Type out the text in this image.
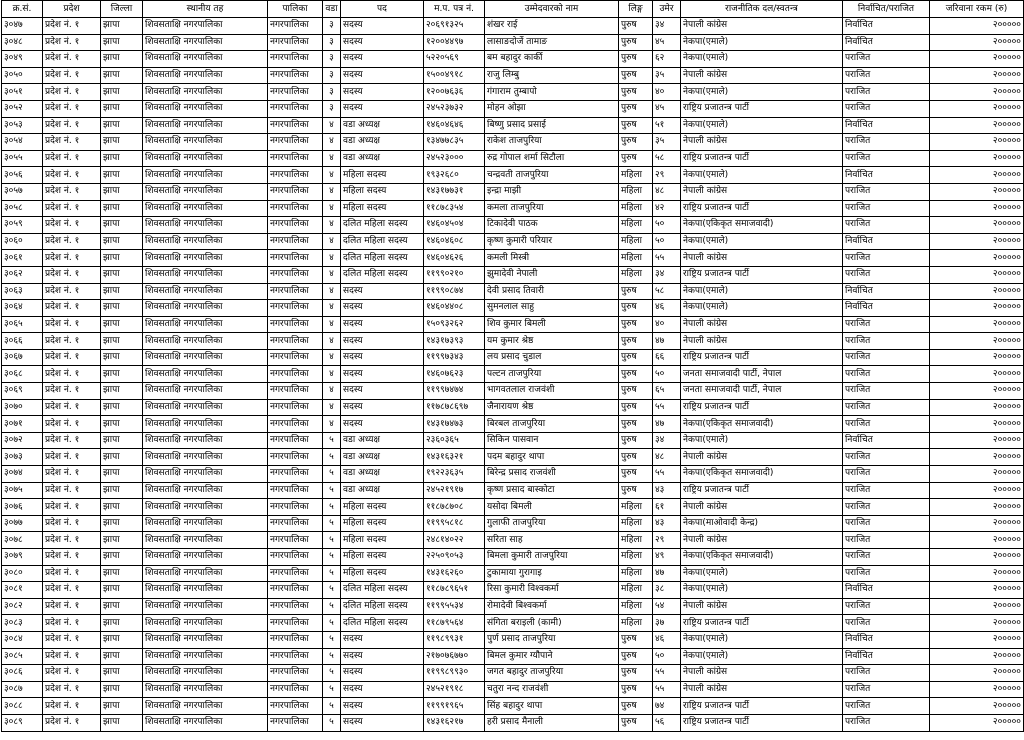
क्र.सं.	प्रदेश	जिल्ला	स्थानीय तह	पालिका	वडा	पद	म.प. पत्र नं.	उम्मेदवारको नाम	लिङ्ग	उमेर	राजनीतिक दल/स्वतन्त्र	निर्वाचित/पराजित	जरिवाना रकम (रु)
३०४७	प्रदेश नं. १	झापा	शिवसताक्षि नगरपालिका	नगरपालिका	३	सदस्य	२०६९१३२५	शंखर राई	पुरुष	३४	नेपाली कांग्रेस	निर्वाचित	२०००००
३०४८	प्रदेश नं. १	झापा	शिवसताक्षि नगरपालिका	नगरपालिका	३	सदस्य	१२००४४९७	लासाङदोर्जे तामाङ	पुरुष	४५	नेकपा(एमाले)	निर्वाचित	२०००००
३०४९	प्रदेश नं. १	झापा	शिवसताक्षि नगरपालिका	नगरपालिका	३	सदस्य	५२२०५६९	बम बहादुर कार्की	पुरुष	६२	नेकपा(एमाले)	पराजित	२०००००
३०५०	प्रदेश नं. १	झापा	शिवसताक्षि नगरपालिका	नगरपालिका	३	सदस्य	१५००४९१८	राजु लिम्बु	पुरुष	३५	नेपाली कांग्रेस	पराजित	२०००००
३०५१	प्रदेश नं. १	झापा	शिवसताक्षि नगरपालिका	नगरपालिका	३	सदस्य	१२००७६३६	गंगाराम तुम्बापो	पुरुष	४०	नेकपा(एमाले)	पराजित	२०००००
३०५२	प्रदेश नं. १	झापा	शिवसताक्षि नगरपालिका	नगरपालिका	३	सदस्य	२४५२३७३२	मोहन ओझा	पुरुष	४५	राष्ट्रिय प्रजातन्त्र पार्टी	पराजित	२०००००
३०५३	प्रदेश नं. १	झापा	शिवसताक्षि नगरपालिका	नगरपालिका	४	वडा अध्यक्ष	१४६०४६४६	बिष्णु प्रसाद प्रसाई	पुरुष	५१	नेकपा(एमाले)	निर्वाचित	२०००००
३०५४	प्रदेश नं. १	झापा	शिवसताक्षि नगरपालिका	नगरपालिका	४	वडा अध्यक्ष	१३४७७८३५	राकेश ताजपुरिया	पुरुष	३५	नेपाली कांग्रेस	पराजित	२०००००
३०५५	प्रदेश नं. १	झापा	शिवसताक्षि नगरपालिका	नगरपालिका	४	वडा अध्यक्ष	२४५२३०००	रुद्र गोपाल शर्मा सिटौला	पुरुष	५८	राष्ट्रिय प्रजातन्त्र पार्टी	पराजित	२०००००
३०५६	प्रदेश नं. १	झापा	शिवसताक्षि नगरपालिका	नगरपालिका	४	महिला सदस्य	१९३२६८०	चन्द्रवती ताजपुरिया	महिला	२९	नेकपा(एमाले)	निर्वाचित	२०००००
३०५७	प्रदेश नं. १	झापा	शिवसताक्षि नगरपालिका	नगरपालिका	४	महिला सदस्य	१४३१७७३१	इन्द्रा माझी	महिला	४८	नेपाली कांग्रेस	पराजित	२०००००
३०५८	प्रदेश नं. १	झापा	शिवसताक्षि नगरपालिका	नगरपालिका	४	महिला सदस्य	११८७८३५४	कमला ताजपुरिया	महिला	४२	राष्ट्रिय प्रजातन्त्र पार्टी	पराजित	२०००००
३०५९	प्रदेश नं. १	झापा	शिवसताक्षि नगरपालिका	नगरपालिका	४	दलित महिला सदस्य	१४६०४५०४	टिकादेवी पाठक	महिला	५०	नेकपा(एकिकृत समाजवादी)	पराजित	२०००००
३०६०	प्रदेश नं. १	झापा	शिवसताक्षि नगरपालिका	नगरपालिका	४	दलित महिला सदस्य	१४६०४६०८	कृष्ण कुमारी परियार	महिला	५०	नेकपा(एमाले)	निर्वाचित	२०००००
३०६१	प्रदेश नं. १	झापा	शिवसताक्षि नगरपालिका	नगरपालिका	४	दलित महिला सदस्य	१४६०४६२६	कमली मिस्त्री	महिला	५५	नेपाली कांग्रेस	पराजित	२०००००
३०६२	प्रदेश नं. १	झापा	शिवसताक्षि नगरपालिका	नगरपालिका	४	दलित महिला सदस्य	११९९०२१०	झुमादेवी नेपाली	महिला	३४	राष्ट्रिय प्रजातन्त्र पार्टी	पराजित	२०००००
३०६३	प्रदेश नं. १	झापा	शिवसताक्षि नगरपालिका	नगरपालिका	४	सदस्य	११९९०८७४	देवी प्रसाद तिवारी	पुरुष	५८	नेकपा(एमाले)	निर्वाचित	२०००००
३०६४	प्रदेश नं. १	झापा	शिवसताक्षि नगरपालिका	नगरपालिका	४	सदस्य	१४६०४४०८	सुमनलाल साहु	पुरुष	४६	नेकपा(एमाले)	निर्वाचित	२०००००
३०६५	प्रदेश नं. १	झापा	शिवसताक्षि नगरपालिका	नगरपालिका	४	सदस्य	१५०९३२६२	शिव कुमार बिमली	पुरुष	४०	नेपाली कांग्रेस	पराजित	२०००००
३०६६	प्रदेश नं. १	झापा	शिवसताक्षि नगरपालिका	नगरपालिका	४	सदस्य	१४३१७३९३	यम कुमार श्रेष्ठ	पुरुष	४७	नेपाली कांग्रेस	पराजित	२०००००
३०६७	प्रदेश नं. १	झापा	शिवसताक्षि नगरपालिका	नगरपालिका	४	सदस्य	११९९७३४३	लय प्रसाद चुडाल	पुरुष	६६	राष्ट्रिय प्रजातन्त्र पार्टी	पराजित	२०००००
३०६८	प्रदेश नं. १	झापा	शिवसताक्षि नगरपालिका	नगरपालिका	४	सदस्य	१४६०७६२३	पल्टन ताजपुरिया	पुरुष	५०	जनता समाजवादी पार्टी, नेपाल	पराजित	२०००००
३०६९	प्रदेश नं. १	झापा	शिवसताक्षि नगरपालिका	नगरपालिका	४	सदस्य	११९९७४७४	भागवतलाल राजवंशी	पुरुष	६५	जनता समाजवादी पार्टी, नेपाल	पराजित	२०००००
३०७०	प्रदेश नं. १	झापा	शिवसताक्षि नगरपालिका	नगरपालिका	४	सदस्य	११७८७८६९७	जैनारायण श्रेष्ठ	पुरुष	५५	राष्ट्रिय प्रजातन्त्र पार्टी	पराजित	२०००००
३०७१	प्रदेश नं. १	झापा	शिवसताक्षि नगरपालिका	नगरपालिका	४	सदस्य	१४३१७४७३	बिरबल ताजपुरिया	पुरुष	४७	नेकपा(एकिकृत समाजवादी)	पराजित	२०००००
३०७२	प्रदेश नं. १	झापा	शिवसताक्षि नगरपालिका	नगरपालिका	५	वडा अध्यक्ष	२३६०३६५	सिकिन पासवान	पुरुष	३४	नेकपा(एमाले)	निर्वाचित	२०००००
३०७३	प्रदेश नं. १	झापा	शिवसताक्षि नगरपालिका	नगरपालिका	५	वडा अध्यक्ष	१४३१६३२१	पदम बहादुर थापा	पुरुष	४८	नेपाली कांग्रेस	पराजित	२०००००
३०७४	प्रदेश नं. १	झापा	शिवसताक्षि नगरपालिका	नगरपालिका	५	वडा अध्यक्ष	१९२२३६३५	बिरेन्द्र प्रसाद राजवंशी	पुरुष	५५	नेकपा(एकिकृत समाजवादी)	पराजित	२०००००
३०७५	प्रदेश नं. १	झापा	शिवसताक्षि नगरपालिका	नगरपालिका	५	वडा अध्यक्ष	२४५२१९१७	कृष्ण प्रसाद बास्कोटा	पुरुष	४३	राष्ट्रिय प्रजातन्त्र पार्टी	पराजित	२०००००
३०७६	प्रदेश नं. १	झापा	शिवसताक्षि नगरपालिका	नगरपालिका	५	महिला सदस्य	११८७८७०८	यसोदा बिमली	महिला	६१	नेपाली कांग्रेस	पराजित	२०००००
३०७७	प्रदेश नं. १	झापा	शिवसताक्षि नगरपालिका	नगरपालिका	५	महिला सदस्य	११९९५८१८	गुलाफी ताजपुरिया	महिला	४३	नेकपा(माओवादी केन्द्र)	पराजित	२०००००
३०७८	प्रदेश नं. १	झापा	शिवसताक्षि नगरपालिका	नगरपालिका	५	महिला सदस्य	२४८१४०२२	सरिता साह	महिला	२९	नेपाली कांग्रेस	पराजित	२०००००
३०७९	प्रदेश नं. १	झापा	शिवसताक्षि नगरपालिका	नगरपालिका	५	महिला सदस्य	२२५०९०५३	बिमला कुमारी ताजपुरिया	महिला	४९	नेकपा(एकिकृत समाजवादी)	पराजित	२०००००
३०८०	प्रदेश नं. १	झापा	शिवसताक्षि नगरपालिका	नगरपालिका	५	महिला सदस्य	१४३१६२६०	टुकामाया गुरागाइ	महिला	४७	नेकपा(एमाले)	पराजित	२०००००
३०८१	प्रदेश नं. १	झापा	शिवसताक्षि नगरपालिका	नगरपालिका	५	दलित महिला सदस्य	११८७८९६५१	रिसा कुमारी विश्वकर्मा	महिला	३८	नेकपा(एमाले)	निर्वाचित	२०००००
३०८२	प्रदेश नं. १	झापा	शिवसताक्षि नगरपालिका	नगरपालिका	५	दलित महिला सदस्य	११९९५५३४	रोमादेवी बिश्वकर्मा	महिला	५४	नेपाली कांग्रेस	पराजित	२०००००
३०८३	प्रदेश नं. १	झापा	शिवसताक्षि नगरपालिका	नगरपालिका	५	दलित महिला सदस्य	११८७९५६४	संगिता बराइली (कामी)	महिला	३७	राष्ट्रिय प्रजातन्त्र पार्टी	पराजित	२०००००
३०८४	प्रदेश नं. १	झापा	शिवसताक्षि नगरपालिका	नगरपालिका	५	सदस्य	११९८९९३१	पुर्ण प्रसाद ताजपुरिया	पुरुष	४६	नेकपा(एमाले)	निर्वाचित	२०००००
३०८५	प्रदेश नं. १	झापा	शिवसताक्षि नगरपालिका	नगरपालिका	५	सदस्य	२१७०७६७७०	बिमल कुमार ग्यौपाने	पुरुष	५०	नेकपा(एमाले)	निर्वाचित	२०००००
३०८६	प्रदेश नं. १	झापा	शिवसताक्षि नगरपालिका	नगरपालिका	५	सदस्य	११९९८९९३०	जगत बहादुर ताजपुरिया	पुरुष	५५	नेपाली कांग्रेस	पराजित	२०००००
३०८७	प्रदेश नं. १	झापा	शिवसताक्षि नगरपालिका	नगरपालिका	५	सदस्य	२४५२१९१८	चतुरा नन्द राजवंशी	पुरुष	५५	नेपाली कांग्रेस	पराजित	२०००००
३०८८	प्रदेश नं. १	झापा	शिवसताक्षि नगरपालिका	नगरपालिका	५	सदस्य	११९९१९६५	सिंह बहादुर थापा	पुरुष	७४	राष्ट्रिय प्रजातन्त्र पार्टी	पराजित	२०००००
३०८९	प्रदेश नं. १	झापा	शिवसताक्षि नगरपालिका	नगरपालिका	५	सदस्य	१४३१६२१७	हरी प्रसाद मैनाली	पुरुष	५६	राष्ट्रिय प्रजातन्त्र पार्टी	पराजित	२०००००
